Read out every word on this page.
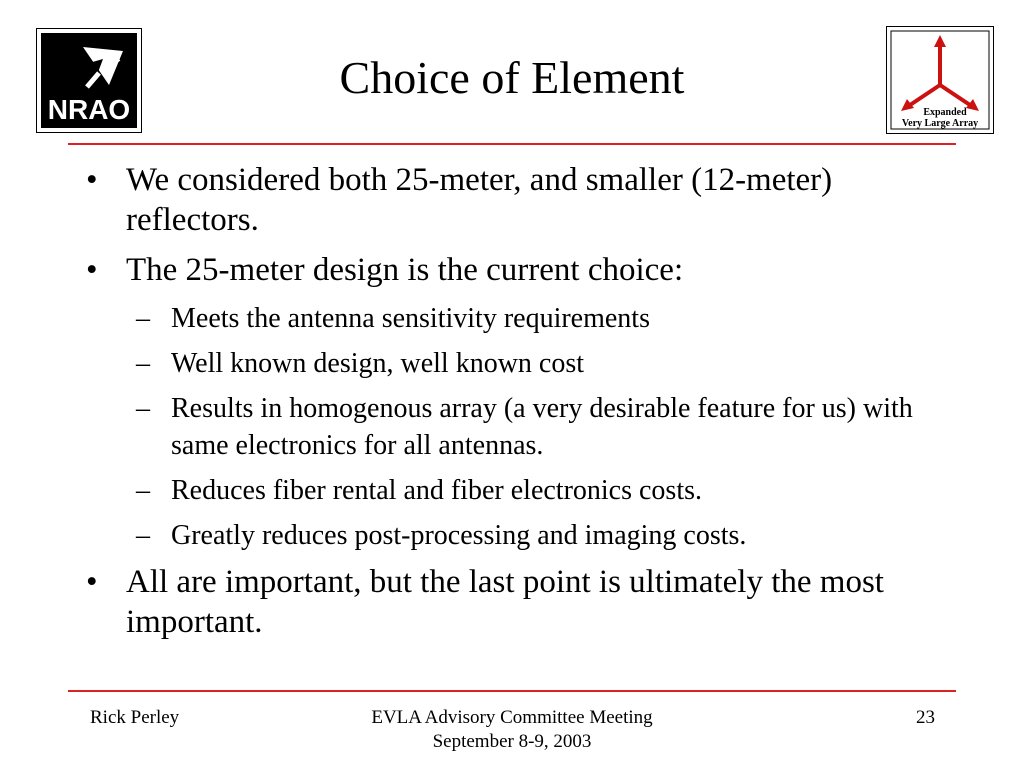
NRAO
Choice of Element
Expanded
Very Large Array
• We considered both 25-meter, and smaller (12-meter) reflectors.
• The 25-meter design is the current choice:
– Meets the antenna sensitivity requirements
– Well known design, well known cost
– Results in homogenous array (a very desirable feature for us) with same electronics for all antennas.
– Reduces fiber rental and fiber electronics costs.
– Greatly reduces post-processing and imaging costs.
• All are important, but the last point is ultimately the most important.
Rick Perley	EVLA Advisory Committee Meeting
September 8-9, 2003
23
